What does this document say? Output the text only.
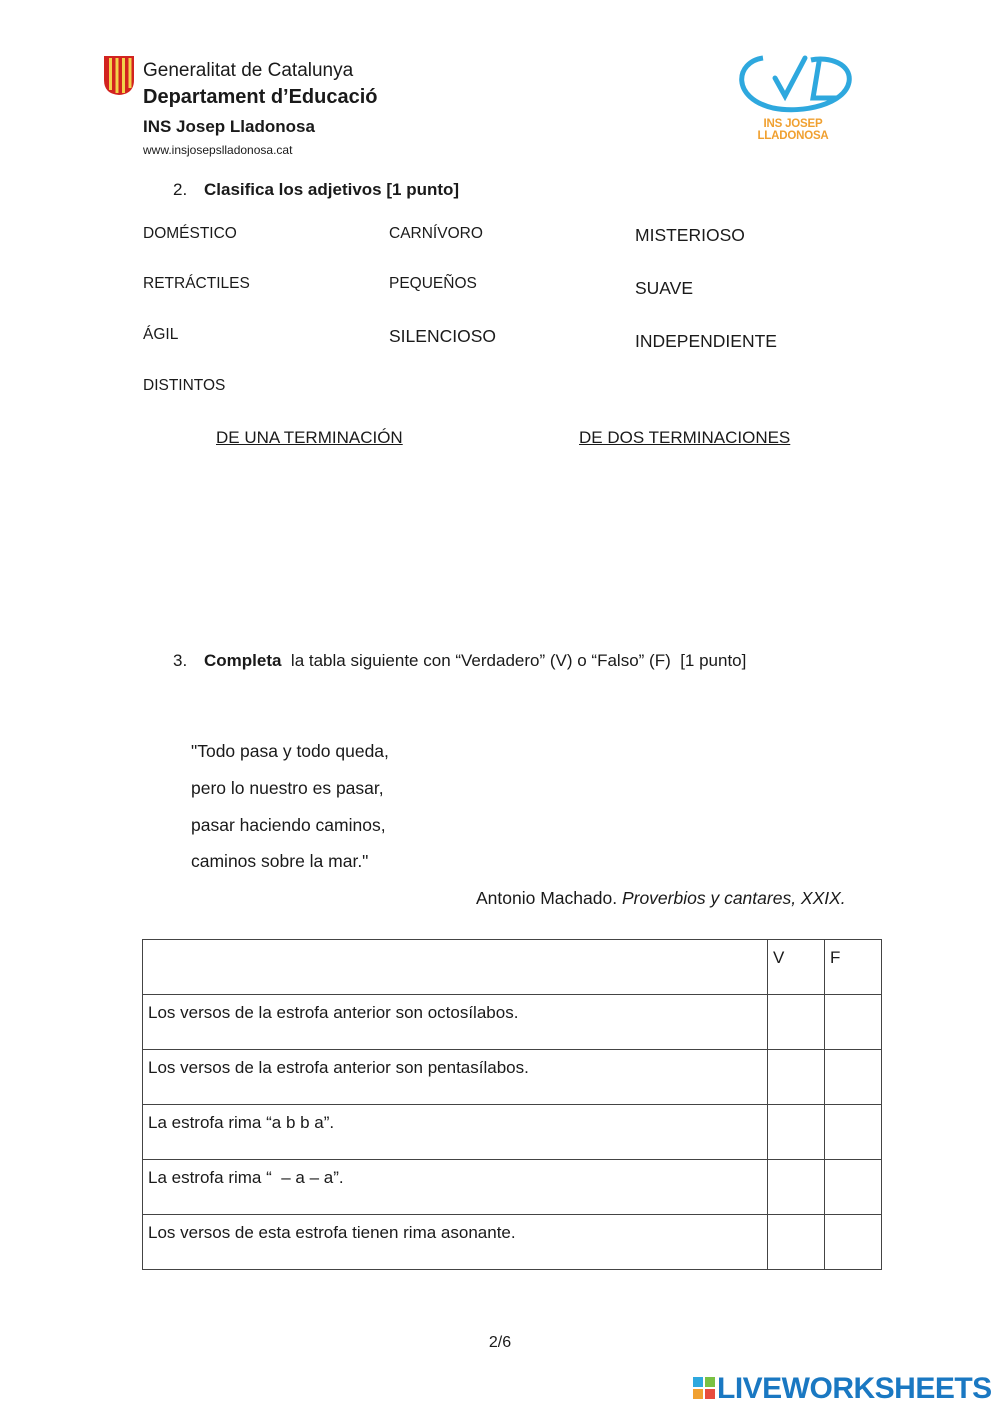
Generalitat de Catalunya
Departament d’Educació
INS Josep Lladonosa
www.insjosepslladonosa.cat
INS JOSEP LLADONOSA
2. Clasifica los adjetivos [1 punto]
DOMÉSTICO	CARNÍVORO	MISTERIOSO
RETRÁCTILES	PEQUEÑOS	SUAVE
ÁGIL	SILENCIOSO	INDEPENDIENTE
DISTINTOS
DE UNA TERMINACIÓN	DE DOS TERMINACIONES
3. Completa la tabla siguiente con “Verdadero” (V) o “Falso” (F)  [1 punto]
"Todo pasa y todo queda,
pero lo nuestro es pasar,
pasar haciendo caminos,
caminos sobre la mar."
Antonio Machado. Proverbios y cantares, XXIX.
	V	F
Los versos de la estrofa anterior son octosílabos.		
Los versos de la estrofa anterior son pentasílabos.		
La estrofa rima “a b b a”.		
La estrofa rima “  – a – a”.		
Los versos de esta estrofa tienen rima asonante.		
2/6
LIVEWORKSHEETS
